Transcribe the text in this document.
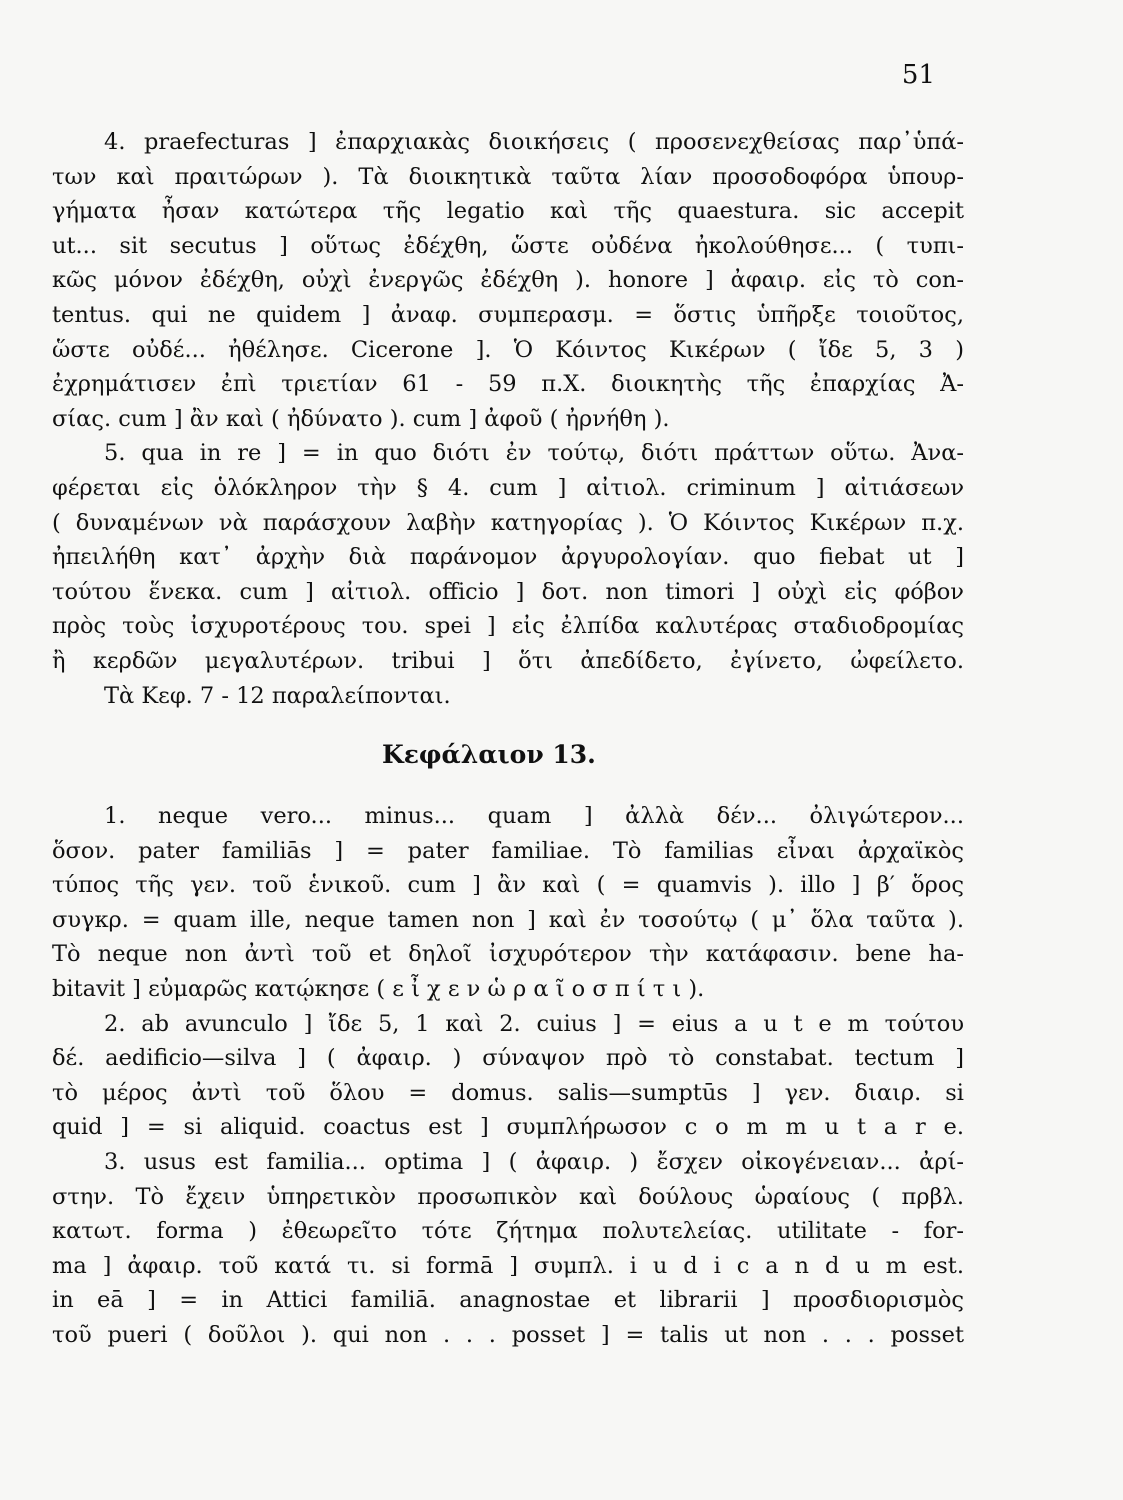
51
4. praefecturas ] ἐπαρχιακὰς διοικήσεις ( προσενεχθείσας παρ᾽ὑπά-
των καὶ πραιτώρων ). Τὰ διοικητικὰ ταῦτα λίαν προσοδοφόρα ὑπουρ-
γήματα ἦσαν κατώτερα τῆς legatio καὶ τῆς quaestura. sic accepit
ut... sit secutus ] οὕτως ἐδέχθη, ὥστε οὐδένα ἠκολούθησε... ( τυπι-
κῶς μόνον ἐδέχθη, οὐχὶ ἐνεργῶς ἐδέχθη ). honore ] ἀφαιρ. εἰς τὸ con-
tentus. qui ne quidem ] ἀναφ. συμπερασμ. = ὅστις ὑπῆρξε τοιοῦτος,
ὥστε οὐδέ... ἠθέλησε. Cicerone ]. Ὁ Κόιντος Κικέρων ( ἴδε 5, 3 )
ἐχρημάτισεν ἐπὶ τριετίαν 61 - 59 π.Χ. διοικητὴς τῆς ἐπαρχίας Ἀ-
σίας. cum ] ἂν καὶ ( ἠδύνατο ). cum ] ἀφοῦ ( ἠρνήθη ).
5. qua in re ] = in quo διότι ἐν τούτῳ, διότι πράττων οὕτω. Ἀνα-
φέρεται εἰς ὁλόκληρον τὴν § 4. cum ] αἰτιολ. criminum ] αἰτιάσεων
( δυναμένων νὰ παράσχουν λαβὴν κατηγορίας ). Ὁ Κόιντος Κικέρων π.χ.
ἠπειλήθη κατ᾽ ἀρχὴν διὰ παράνομον ἀργυρολογίαν. quo fiebat ut ]
τούτου ἕνεκα. cum ] αἰτιολ. officio ] δοτ. non timori ] οὐχὶ εἰς φόβον
πρὸς τοὺς ἰσχυροτέρους του. spei ] εἰς ἐλπίδα καλυτέρας σταδιοδρομίας
ἢ κερδῶν μεγαλυτέρων. tribui ] ὅτι ἀπεδίδετο, ἐγίνετο, ὠφείλετο.
Τὰ Κεφ. 7 - 12 παραλείπονται.
Κεφάλαιον 13.
1. neque vero... minus... quam ] ἀλλὰ δέν... ὀλιγώτερον...
ὅσον. pater familiās ] = pater familiae. Τὸ familias εἶναι ἀρχαϊκὸς
τύπος τῆς γεν. τοῦ ἑνικοῦ. cum ] ἂν καὶ ( = quamvis ). illo ] β′ ὅρος
συγκρ. = quam ille, neque tamen non ] καὶ ἐν τοσούτῳ ( μ᾽ ὅλα ταῦτα ).
Τὸ neque non ἀντὶ τοῦ et δηλοῖ ἰσχυρότερον τὴν κατάφασιν. bene ha-
bitavit ] εὐμαρῶς κατῴκησε ( ε ἶ χ ε ν ὡ ρ α ῖ ο σ π ί τ ι ).
2. ab avunculo ] ἴδε 5, 1 καὶ 2. cuius ] = eius a u t e m τούτου
δέ. aedificio—silva ] ( ἀφαιρ. ) σύναψον πρὸ τὸ constabat. tectum ]
τὸ μέρος ἀντὶ τοῦ ὅλου = domus. salis—sumptūs ] γεν. διαιρ. si
quid ] = si aliquid. coactus est ] συμπλήρωσον c o m m u t a r e.
3. usus est familia... optima ] ( ἀφαιρ. ) ἔσχεν οἰκογένειαν... ἀρί-
στην. Τὸ ἔχειν ὑπηρετικὸν προσωπικὸν καὶ δούλους ὡραίους ( πρβλ.
κατωτ. forma ) ἐθεωρεῖτο τότε ζήτημα πολυτελείας. utilitate - for-
ma ] ἀφαιρ. τοῦ κατά τι. si formā ] συμπλ. i u d i c a n d u m est.
in eā ] = in Attici familiā. anagnostae et librarii ] προσδιορισμὸς
τοῦ pueri ( δοῦλοι ). qui non . . . posset ] = talis ut non . . . posset
